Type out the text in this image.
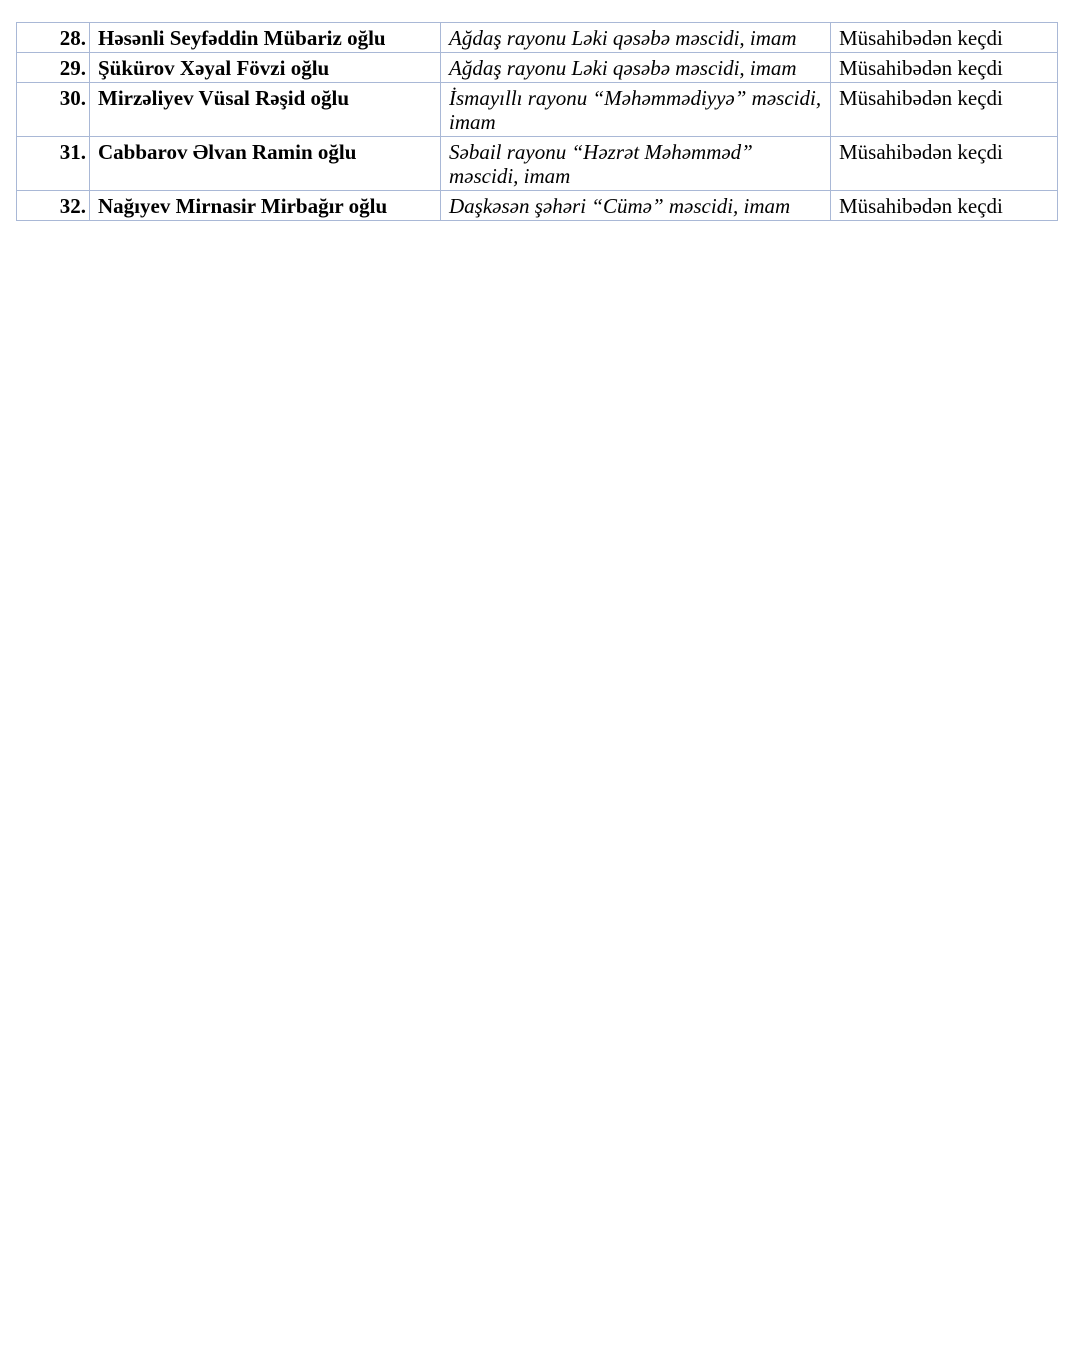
28.	Həsənli Seyfəddin Mübariz oğlu	Ağdaş rayonu Ləki qəsəbə məscidi, imam	Müsahibədən keçdi
29.	Şükürov Xəyal Fövzi oğlu	Ağdaş rayonu Ləki qəsəbə məscidi, imam	Müsahibədən keçdi
30.	Mirzəliyev Vüsal Rəşid oğlu	İsmayıllı rayonu “Məhəmmədiyyə” məscidi, imam	Müsahibədən keçdi
31.	Cabbarov Əlvan Ramin oğlu	Səbail rayonu “Həzrət Məhəmməd” məscidi, imam	Müsahibədən keçdi
32.	Nağıyev Mirnasir Mirbağır oğlu	Daşkəsən şəhəri “Cümə” məscidi, imam	Müsahibədən keçdi
